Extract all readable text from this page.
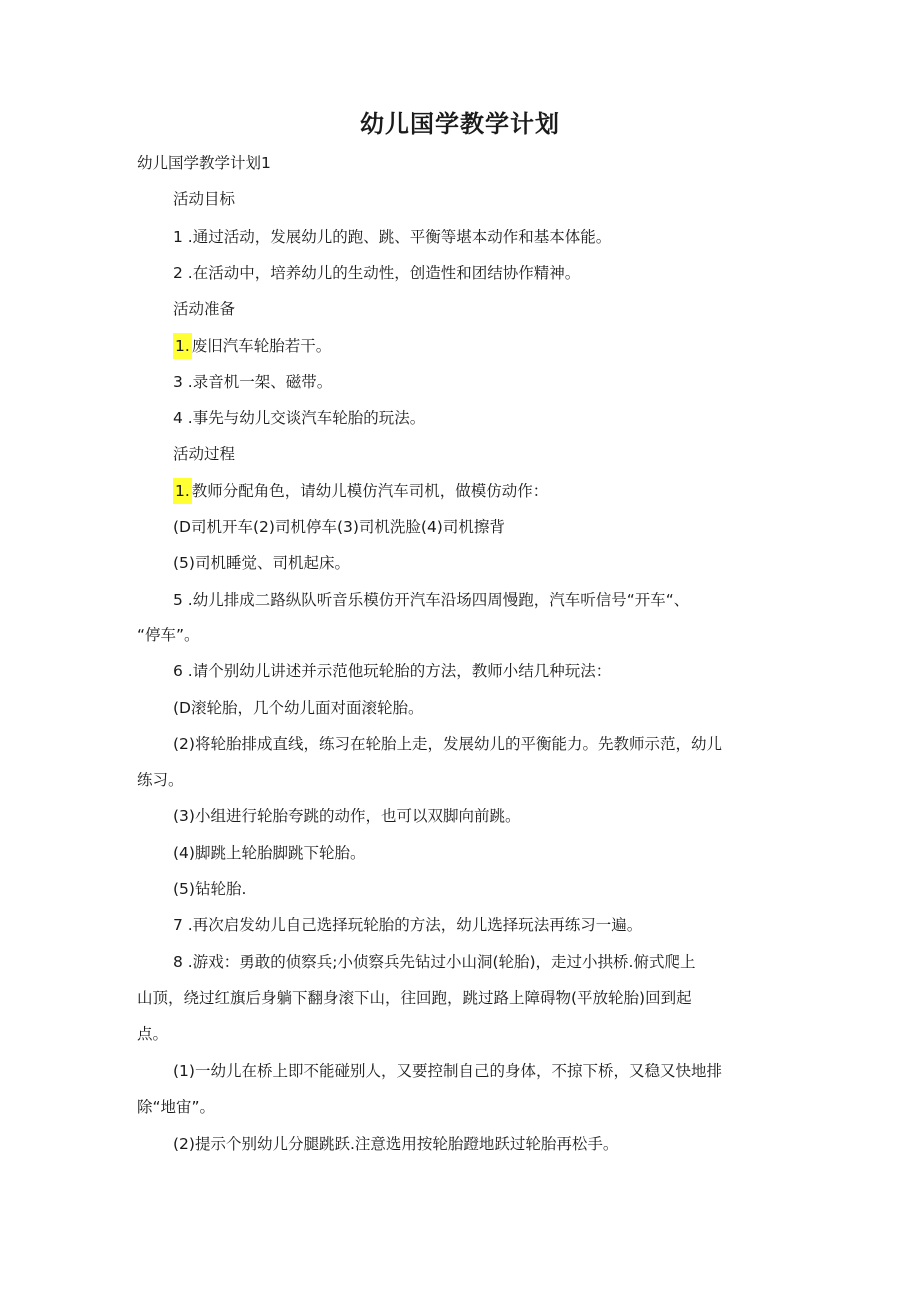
幼儿国学教学计划
幼儿国学教学计划1
活动目标
1 .通过活动，发展幼儿的跑、跳、平衡等堪本动作和基本体能。
2 .在活动中，培养幼儿的生动性，创造性和团结协作精神。
活动准备
1. 废旧汽车轮胎若干。
3 .录音机一架、磁带。
4 .事先与幼儿交谈汽车轮胎的玩法。
活动过程
1. 教师分配角色，请幼儿模仿汽车司机，做模仿动作：
(D司机开车(2)司机停车(3)司机洗脸(4)司机擦背
(5)司机睡觉、司机起床。
5 .幼儿排成二路纵队听音乐模仿开汽车沿场四周慢跑，汽车听信号“开车“、
“停车”。
6 .请个别幼儿讲述并示范他玩轮胎的方法，教师小结几种玩法：
(D滚轮胎，几个幼儿面对面滚轮胎。
(2)将轮胎排成直线，练习在轮胎上走，发展幼儿的平衡能力。先教师示范，幼儿
练习。
(3)小组进行轮胎夸跳的动作，也可以双脚向前跳。
(4)脚跳上轮胎脚跳下轮胎。
(5)钻轮胎.
7 .再次启发幼儿自己选择玩轮胎的方法，幼儿选择玩法再练习一遍。
8 .游戏：勇敢的侦察兵;小侦察兵先钻过小山洞(轮胎)，走过小拱桥.俯式爬上
山顶，绕过红旗后身躺下翻身滚下山，往回跑，跳过路上障碍物(平放轮胎)回到起
点。
(1)一幼儿在桥上即不能碰别人，又要控制自己的身体，不掠下桥，又稳又快地排
除“地宙”。
(2)提示个别幼儿分腿跳跃.注意选用按轮胎蹬地跃过轮胎再松手。
